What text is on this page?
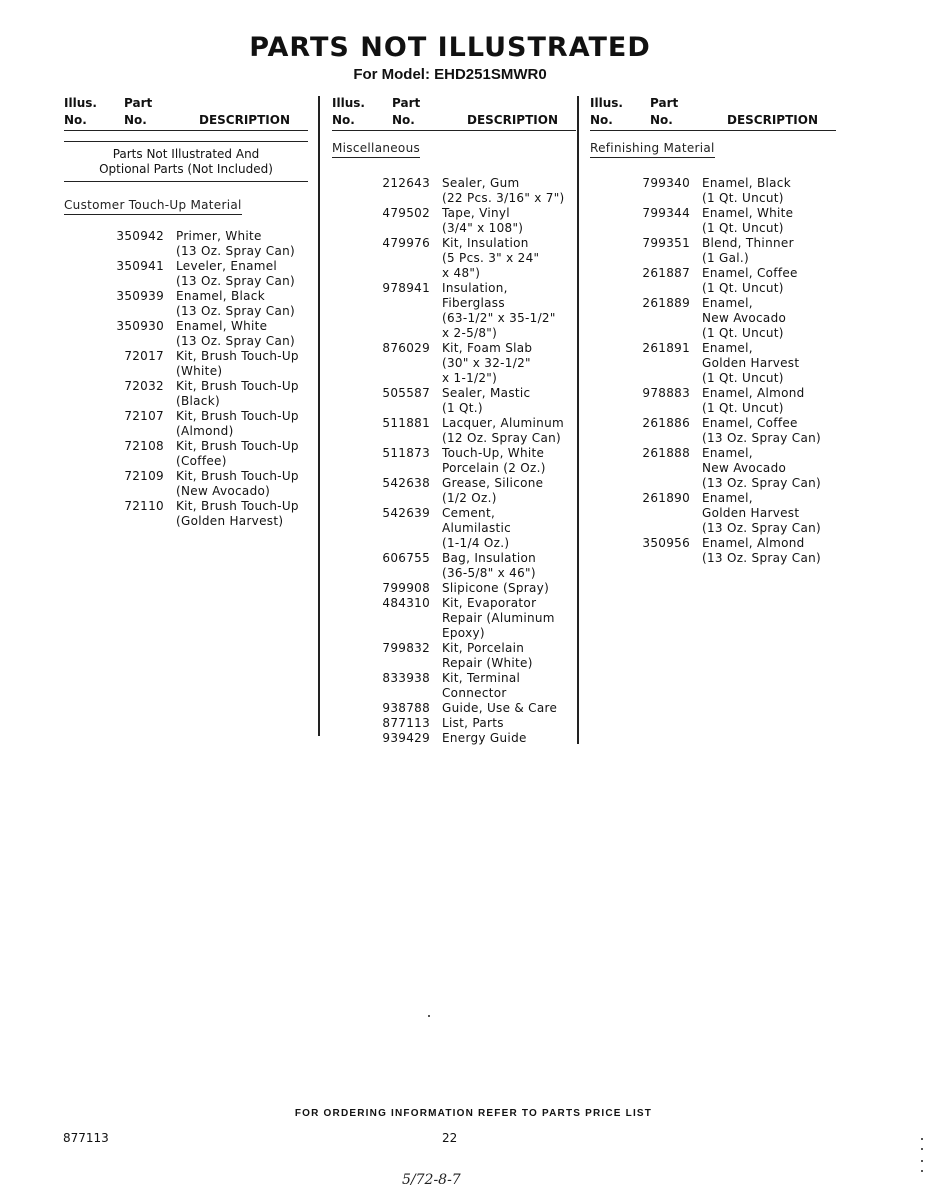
PARTS NOT ILLUSTRATED
For Model: EHD251SMWR0
Illus.
No.
Part
No.	DESCRIPTION
Parts Not Illustrated And
Optional Parts (Not Included)
Customer Touch-Up Material
350942	Primer, White
(13 Oz. Spray Can)
350941	Leveler, Enamel
(13 Oz. Spray Can)
350939	Enamel, Black
(13 Oz. Spray Can)
350930	Enamel, White
(13 Oz. Spray Can)
72017	Kit, Brush Touch-Up
(White)
72032	Kit, Brush Touch-Up
(Black)
72107	Kit, Brush Touch-Up
(Almond)
72108	Kit, Brush Touch-Up
(Coffee)
72109	Kit, Brush Touch-Up
(New Avocado)
72110	Kit, Brush Touch-Up
(Golden Harvest)
Illus.
No.
Part
No.	DESCRIPTION
Miscellaneous
212643	Sealer, Gum
(22 Pcs. 3/16" x 7")
479502	Tape, Vinyl
(3/4" x 108")
479976	Kit, Insulation
(5 Pcs. 3" x 24"
x 48")
978941	Insulation,
Fiberglass
(63-1/2" x 35-1/2"
x 2-5/8")
876029	Kit, Foam Slab
(30" x 32-1/2"
x 1-1/2")
505587	Sealer, Mastic
(1 Qt.)
511881	Lacquer, Aluminum
(12 Oz. Spray Can)
511873	Touch-Up, White
Porcelain (2 Oz.)
542638	Grease, Silicone
(1/2 Oz.)
542639	Cement,
Alumilastic
(1-1/4 Oz.)
606755	Bag, Insulation
(36-5/8" x 46")
799908	Slipicone (Spray)
484310	Kit, Evaporator
Repair (Aluminum
Epoxy)
799832	Kit, Porcelain
Repair (White)
833938	Kit, Terminal
Connector
938788	Guide, Use & Care
877113	List, Parts
939429	Energy Guide
Illus.
No.
Part
No.	DESCRIPTION
Refinishing Material
799340	Enamel, Black
(1 Qt. Uncut)
799344	Enamel, White
(1 Qt. Uncut)
799351	Blend, Thinner
(1 Gal.)
261887	Enamel, Coffee
(1 Qt. Uncut)
261889	Enamel,
New Avocado
(1 Qt. Uncut)
261891	Enamel,
Golden Harvest
(1 Qt. Uncut)
978883	Enamel, Almond
(1 Qt. Uncut)
261886	Enamel, Coffee
(13 Oz. Spray Can)
261888	Enamel,
New Avocado
(13 Oz. Spray Can)
261890	Enamel,
Golden Harvest
(13 Oz. Spray Can)
350956	Enamel, Almond
(13 Oz. Spray Can)
FOR ORDERING INFORMATION REFER TO PARTS PRICE LIST
877113	22
5/72-8-7
